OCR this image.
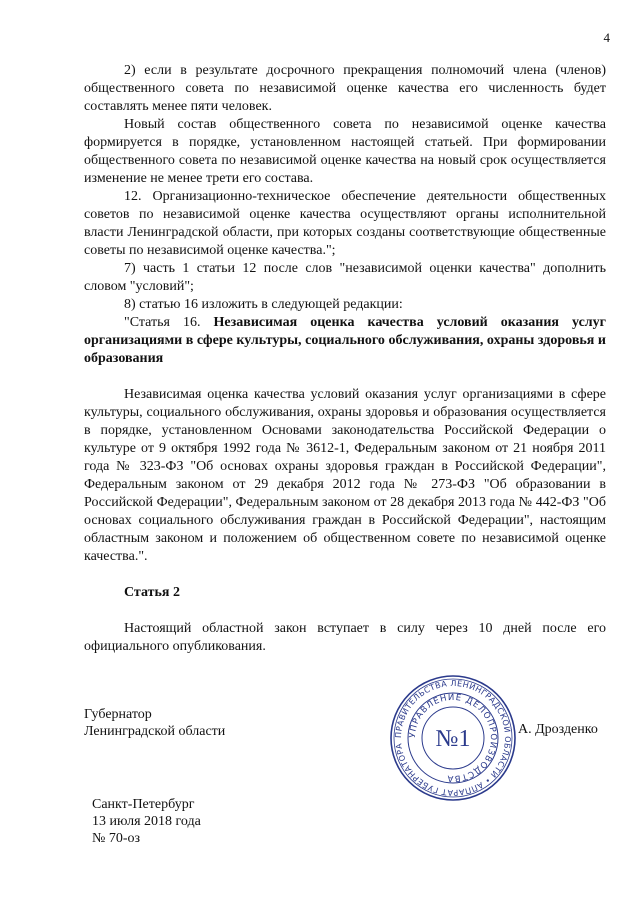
4

2) если в результате досрочного прекращения полномочий члена (членов) общественного совета по независимой оценке качества его численность будет составлять менее пяти человек.

Новый состав общественного совета по независимой оценке качества формируется в порядке, установленном настоящей статьей. При формировании общественного совета по независимой оценке качества на новый срок осуществляется изменение не менее трети его состава.

12. Организационно-техническое обеспечение деятельности общественных советов по независимой оценке качества осуществляют органы исполнительной власти Ленинградской области, при которых созданы соответствующие общественные советы по независимой оценке качества.";

7) часть 1 статьи 12 после слов "независимой оценки качества" дополнить словом "условий";

8) статью 16 изложить в следующей редакции:

"Статья 16. Независимая оценка качества условий оказания услуг организациями в сфере культуры, социального обслуживания, охраны здоровья и образования

Независимая оценка качества условий оказания услуг организациями в сфере культуры, социального обслуживания, охраны здоровья и образования осуществляется в порядке, установленном Основами законодательства Российской Федерации о культуре от 9 октября 1992 года № 3612-1, Федеральным законом от 21 ноября 2011 года № 323-ФЗ "Об основах охраны здоровья граждан в Российской Федерации", Федеральным законом от 29 декабря 2012 года № 273-ФЗ "Об образовании в Российской Федерации", Федеральным законом от 28 декабря 2013 года № 442-ФЗ "Об основах социального обслуживания граждан в Российской Федерации", настоящим областным законом и положением об общественном совете по независимой оценке качества.".

Статья 2

Настоящий областной закон вступает в силу через 10 дней после его официального опубликования.

Губернатор
Ленинградской области	ПРАВИТЕЛЬСТВА ЛЕНИНГРАДСКОЙ ОБЛАСТИ • АППАРАТ ГУБЕРНАТОРА
УПРАВЛЕНИЕ ДЕЛОПРОИЗВОДСТВА
№1	А. Дрозденко
Санкт-Петербург
13 июля 2018 года
№ 70-оз
